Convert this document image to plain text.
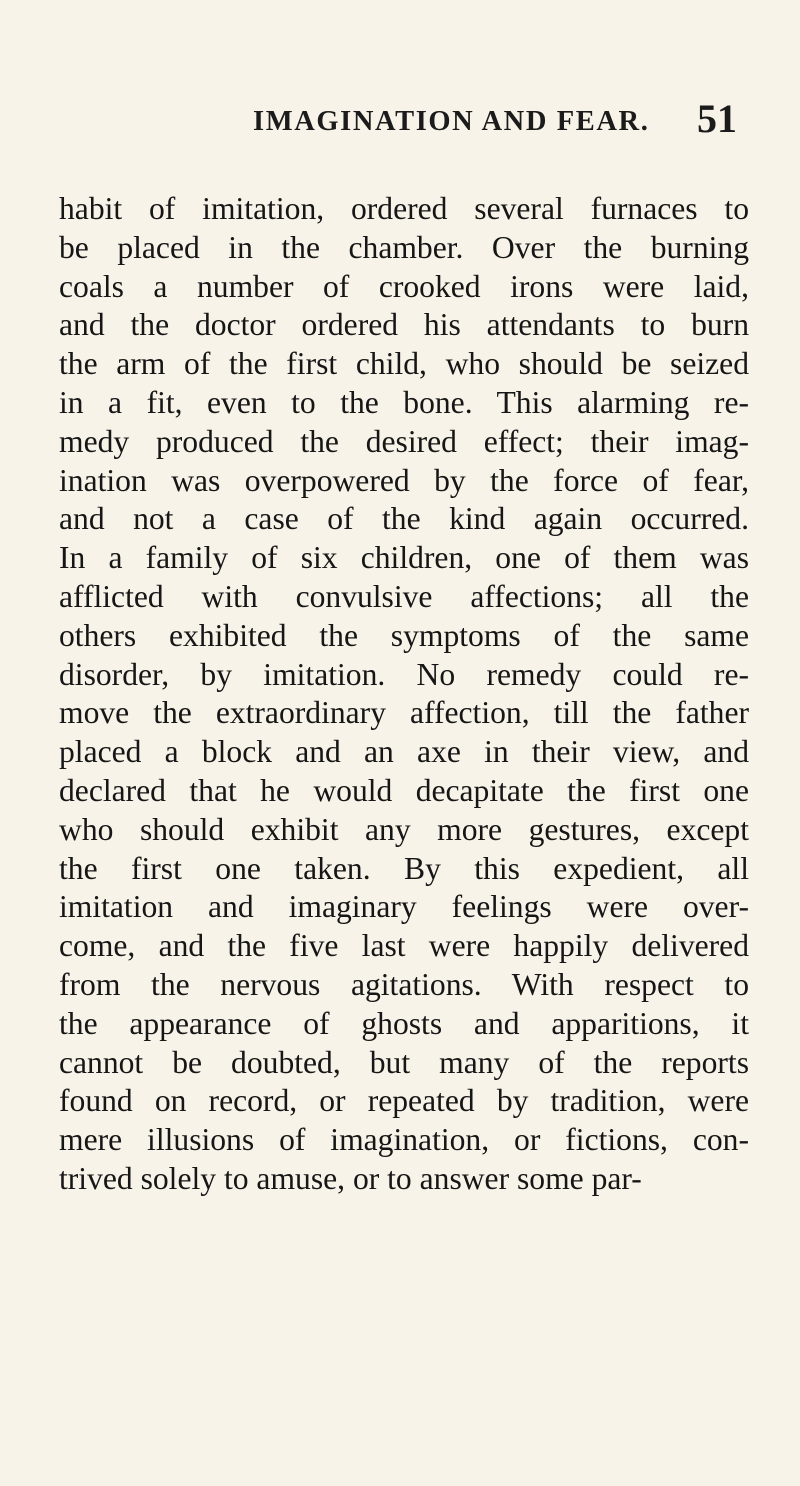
IMAGINATION AND FEAR. 51
habit of imitation, ordered several furnaces to
be placed in the chamber. Over the burning
coals a number of crooked irons were laid,
and the doctor ordered his attendants to burn
the arm of the first child, who should be seized
in a fit, even to the bone. This alarming re-
medy produced the desired effect; their imag-
ination was overpowered by the force of fear,
and not a case of the kind again occurred.
In a family of six children, one of them was
afflicted with convulsive affections; all the
others exhibited the symptoms of the same
disorder, by imitation. No remedy could re-
move the extraordinary affection, till the father
placed a block and an axe in their view, and
declared that he would decapitate the first one
who should exhibit any more gestures, except
the first one taken. By this expedient, all
imitation and imaginary feelings were over-
come, and the five last were happily delivered
from the nervous agitations. With respect to
the appearance of ghosts and apparitions, it
cannot be doubted, but many of the reports
found on record, or repeated by tradition, were
mere illusions of imagination, or fictions, con-
trived solely to amuse, or to answer some par-
